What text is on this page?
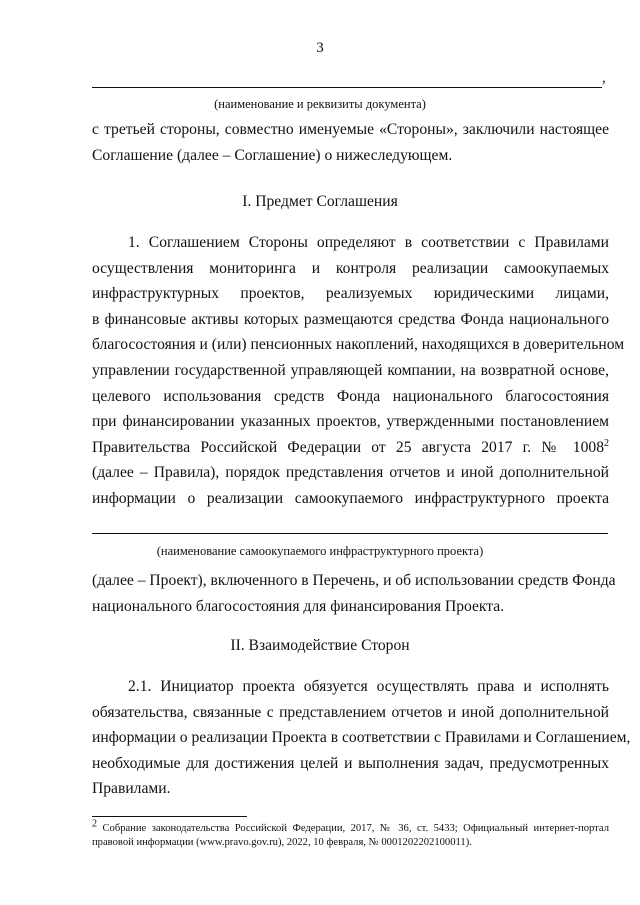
3
,
(наименование и реквизиты документа)
с третьей стороны, совместно именуемые «Стороны», заключили настоящее
Соглашение (далее – Соглашение) о нижеследующем.
I. Предмет Соглашения
1. Соглашением Стороны определяют в соответствии с Правилами
осуществления мониторинга и контроля реализации самоокупаемых
инфраструктурных проектов, реализуемых юридическими лицами,
в финансовые активы которых размещаются средства Фонда национального
благосостояния и (или) пенсионных накоплений, находящихся в доверительном
управлении государственной управляющей компании, на возвратной основе,
целевого использования средств Фонда национального благосостояния
при финансировании указанных проектов, утвержденными постановлением
Правительства Российской Федерации от 25 августа 2017 г. № 1008$^2$
(далее – Правила), порядок представления отчетов и иной дополнительной
информации о реализации самоокупаемого инфраструктурного проекта
(наименование самоокупаемого инфраструктурного проекта)
(далее – Проект), включенного в Перечень, и об использовании средств Фонда
национального благосостояния для финансирования Проекта.
II. Взаимодействие Сторон
2.1. Инициатор проекта обязуется осуществлять права и исполнять
обязательства, связанные с представлением отчетов и иной дополнительной
информации о реализации Проекта в соответствии с Правилами и Соглашением,
необходимые для достижения целей и выполнения задач, предусмотренных
Правилами.
$^2$ Собрание законодательства Российской Федерации, 2017, № 36, ст. 5433; Официальный интернет-портал
правовой информации (www.pravo.gov.ru), 2022, 10 февраля, № 0001202202100011).
